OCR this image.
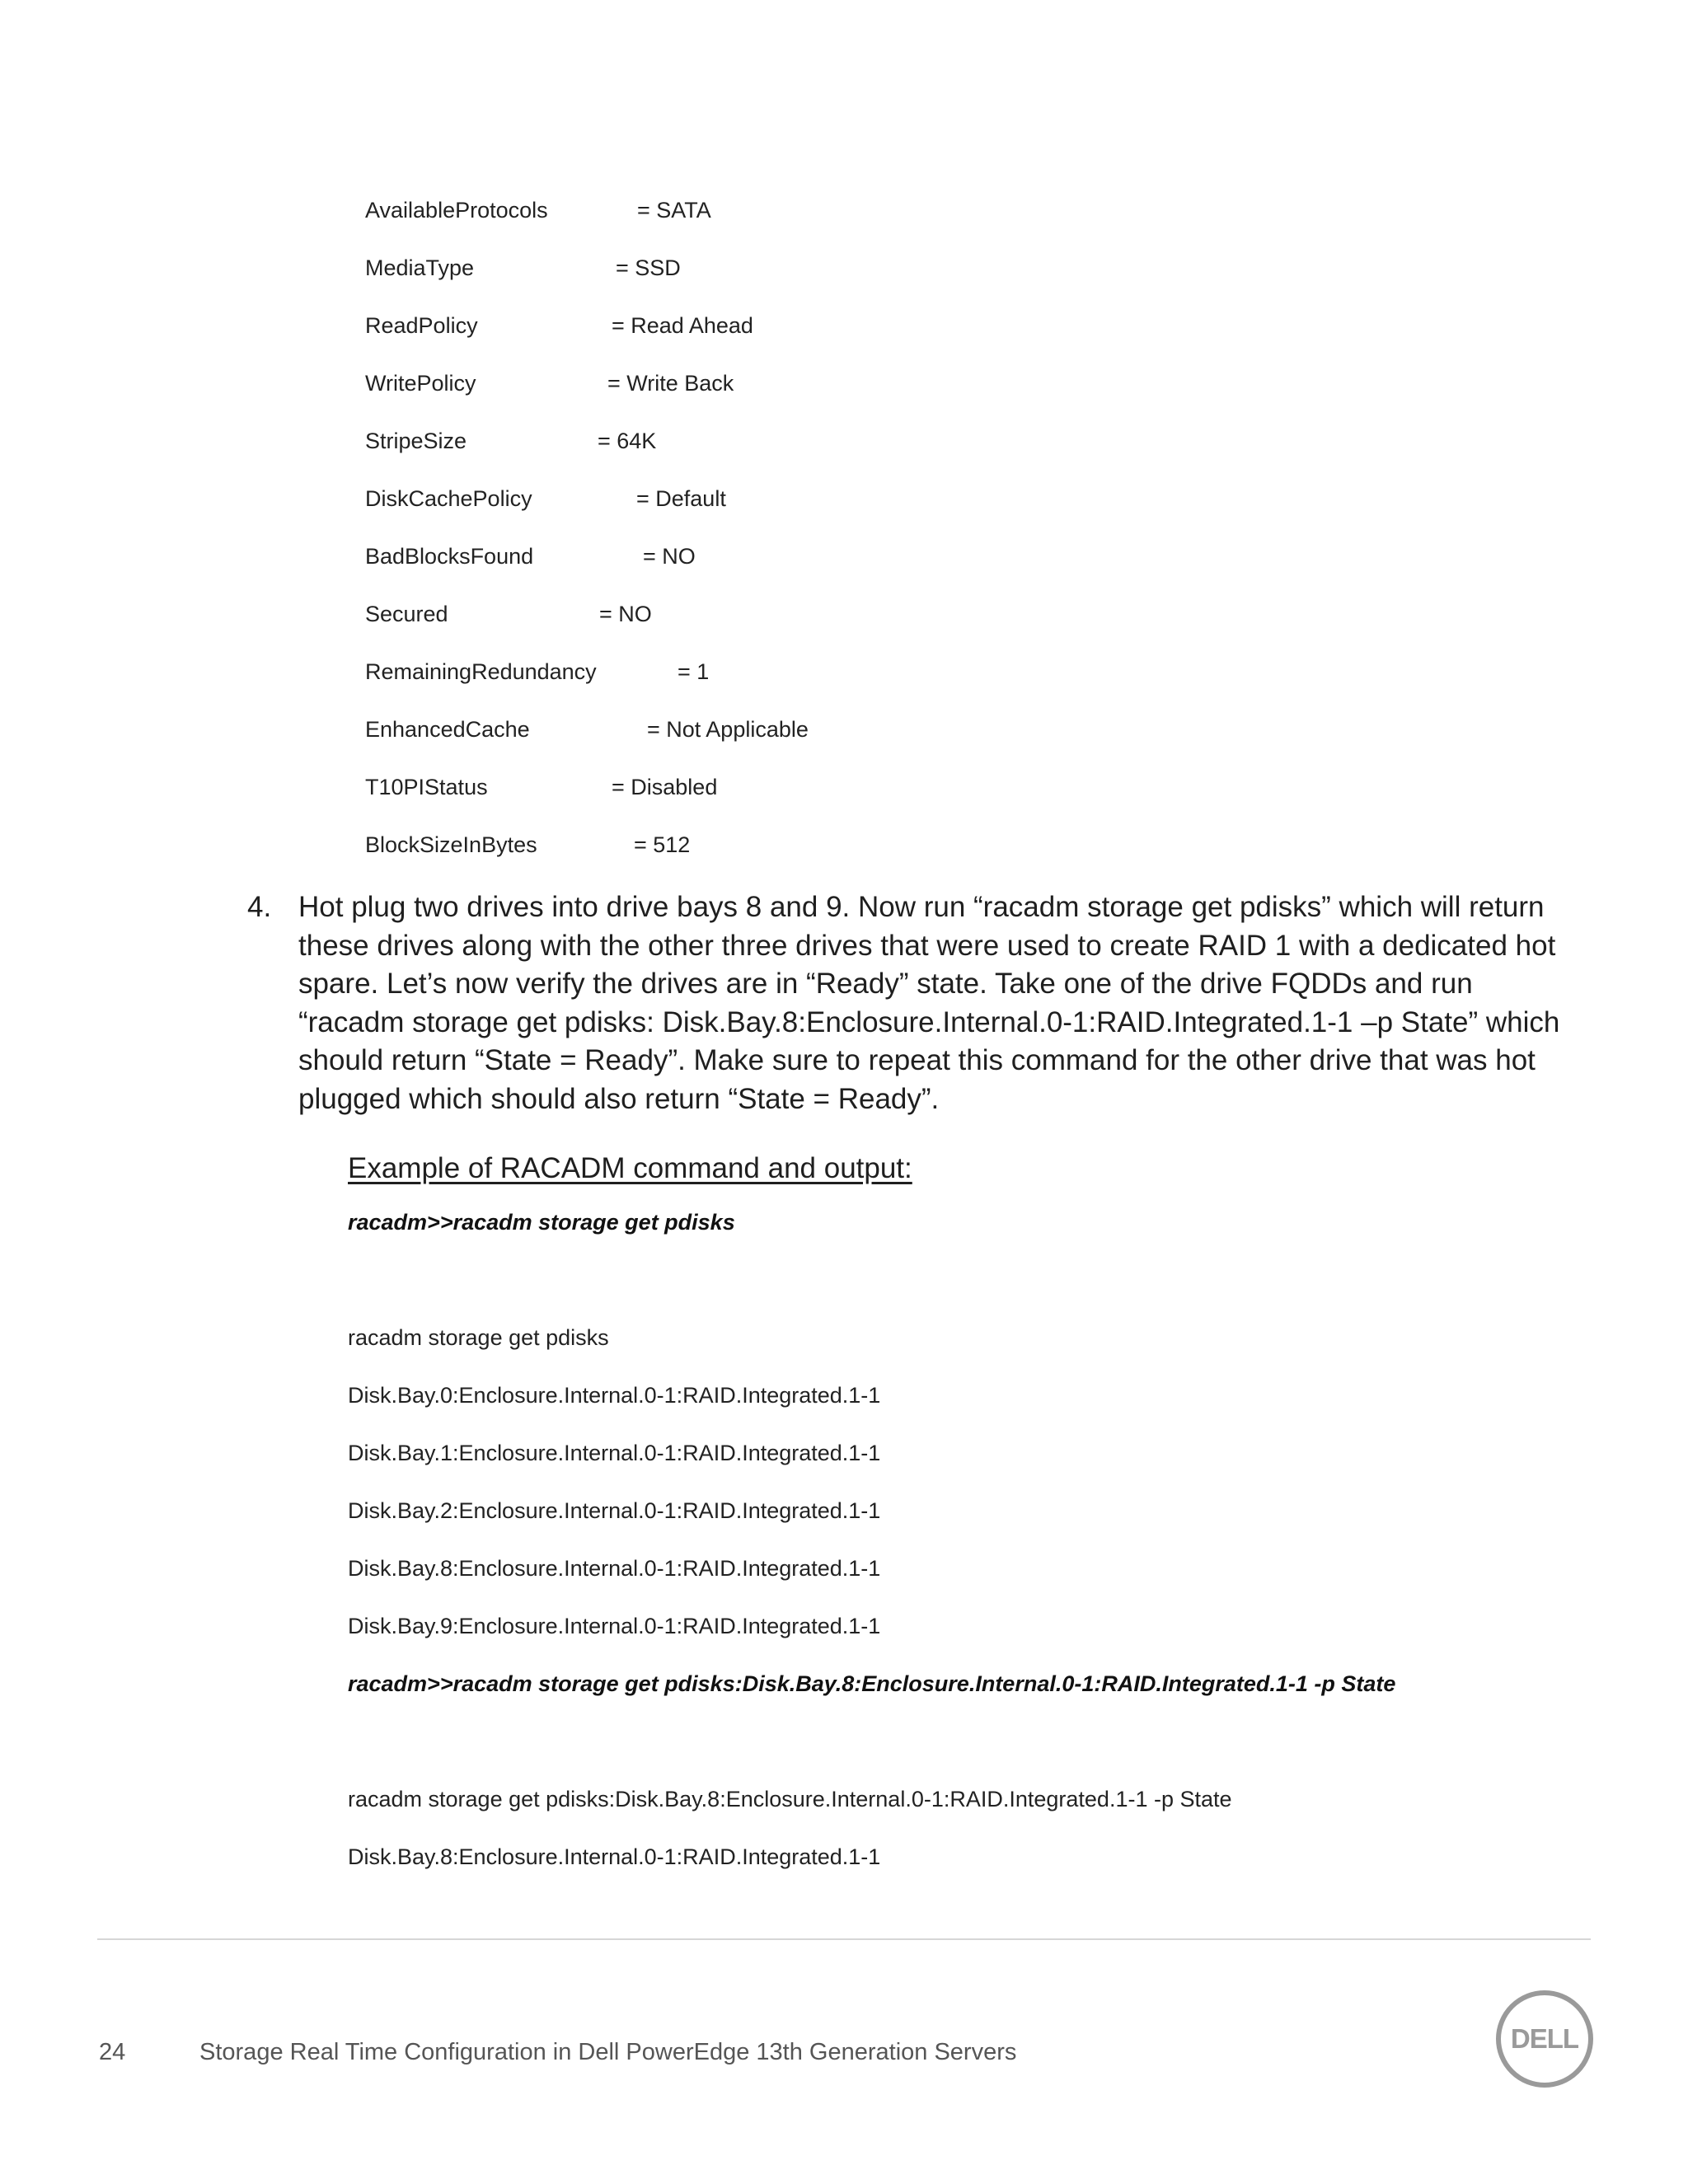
AvailableProtocols	= SATA
MediaType	= SSD
ReadPolicy	= Read Ahead
WritePolicy	= Write Back
StripeSize	= 64K
DiskCachePolicy	= Default
BadBlocksFound	= NO
Secured	= NO
RemainingRedundancy	= 1
EnhancedCache	= Not Applicable
T10PIStatus	= Disabled
BlockSizeInBytes	= 512
4. Hot plug two drives into drive bays 8 and 9. Now run “racadm storage get pdisks” which will return these drives along with the other three drives that were used to create RAID 1 with a dedicated hot spare. Let’s now verify the drives are in “Ready” state. Take one of the drive FQDDs and run “racadm storage get pdisks: Disk.Bay.8:Enclosure.Internal.0-1:RAID.Integrated.1-1 –p State” which should return “State = Ready”. Make sure to repeat this command for the other drive that was hot plugged which should also return “State = Ready”.

Example of RACADM command and output:
racadm>>racadm storage get pdisks
racadm storage get pdisks
Disk.Bay.0:Enclosure.Internal.0-1:RAID.Integrated.1-1
Disk.Bay.1:Enclosure.Internal.0-1:RAID.Integrated.1-1
Disk.Bay.2:Enclosure.Internal.0-1:RAID.Integrated.1-1
Disk.Bay.8:Enclosure.Internal.0-1:RAID.Integrated.1-1
Disk.Bay.9:Enclosure.Internal.0-1:RAID.Integrated.1-1
racadm>>racadm storage get pdisks:Disk.Bay.8:Enclosure.Internal.0-1:RAID.Integrated.1-1 -p State
racadm storage get pdisks:Disk.Bay.8:Enclosure.Internal.0-1:RAID.Integrated.1-1 -p State
Disk.Bay.8:Enclosure.Internal.0-1:RAID.Integrated.1-1
24	Storage Real Time Configuration in Dell PowerEdge 13th Generation Servers	DELL
